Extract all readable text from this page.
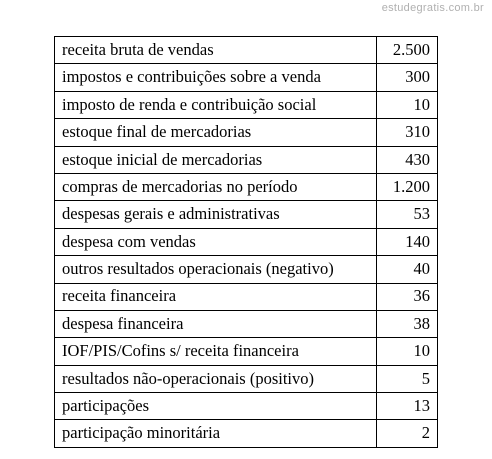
estudegratis.com.br
receita bruta de vendas	2.500
impostos e contribuições sobre a venda	300
imposto de renda e contribuição social	10
estoque final de mercadorias	310
estoque inicial de mercadorias	430
compras de mercadorias no período	1.200
despesas gerais e administrativas	53
despesa com vendas	140
outros resultados operacionais (negativo)	40
receita financeira	36
despesa financeira	38
IOF/PIS/Cofins s/ receita financeira	10
resultados não-operacionais (positivo)	5
participações	13
participação minoritária	2
